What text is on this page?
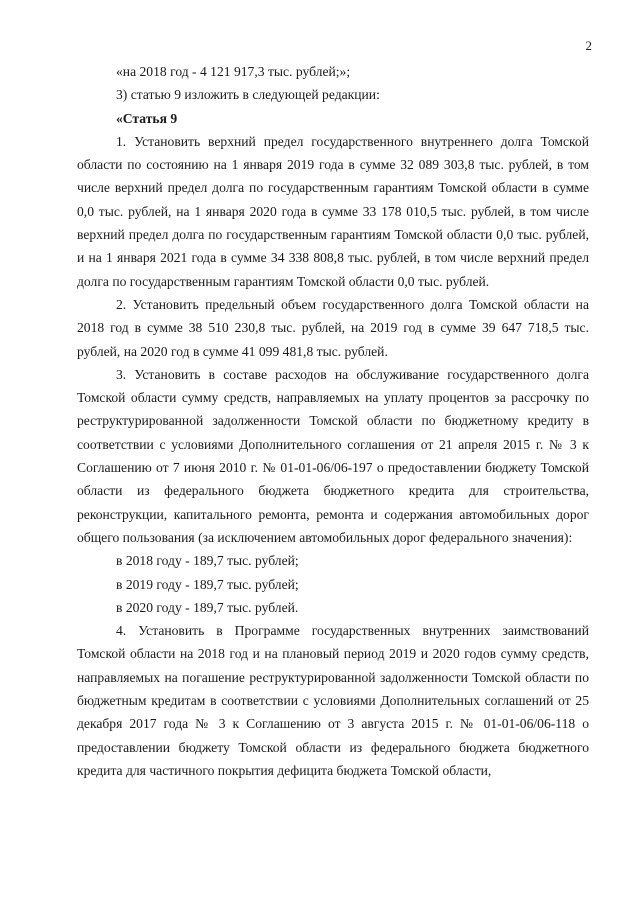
2

«на 2018 год - 4 121 917,3 тыс. рублей;»;

3) статью 9 изложить в следующей редакции:

«Статья 9

1. Установить верхний предел государственного внутреннего долга Томской области по состоянию на 1 января 2019 года в сумме 32 089 303,8 тыс. рублей, в том числе верхний предел долга по государственным гарантиям Томской области в сумме 0,0 тыс. рублей, на 1 января 2020 года в сумме 33 178 010,5 тыс. рублей, в том числе верхний предел долга по государственным гарантиям Томской области 0,0 тыс. рублей, и на 1 января 2021 года в сумме 34 338 808,8 тыс. рублей, в том числе верхний предел долга по государственным гарантиям Томской области 0,0 тыс. рублей.

2. Установить предельный объем государственного долга Томской области на 2018 год в сумме 38 510 230,8 тыс. рублей, на 2019 год в сумме 39 647 718,5 тыс. рублей, на 2020 год в сумме 41 099 481,8 тыс. рублей.

3. Установить в составе расходов на обслуживание государственного долга Томской области сумму средств, направляемых на уплату процентов за рассрочку по реструктурированной задолженности Томской области по бюджетному кредиту в соответствии с условиями Дополнительного соглашения от 21 апреля 2015 г. № 3 к Соглашению от 7 июня 2010 г. № 01-01-06/06-197 о предоставлении бюджету Томской области из федерального бюджета бюджетного кредита для строительства, реконструкции, капитального ремонта, ремонта и содержания автомобильных дорог общего пользования (за исключением автомобильных дорог федерального значения):

в 2018 году - 189,7 тыс. рублей;

в 2019 году - 189,7 тыс. рублей;

в 2020 году - 189,7 тыс. рублей.

4. Установить в Программе государственных внутренних заимствований Томской области на 2018 год и на плановый период 2019 и 2020 годов сумму средств, направляемых на погашение реструктурированной задолженности Томской области по бюджетным кредитам в соответствии с условиями Дополнительных соглашений от 25 декабря 2017 года № 3 к Соглашению от 3 августа 2015 г. № 01-01-06/06-118 о предоставлении бюджету Томской области из федерального бюджета бюджетного кредита для частичного покрытия дефицита бюджета Томской области,
